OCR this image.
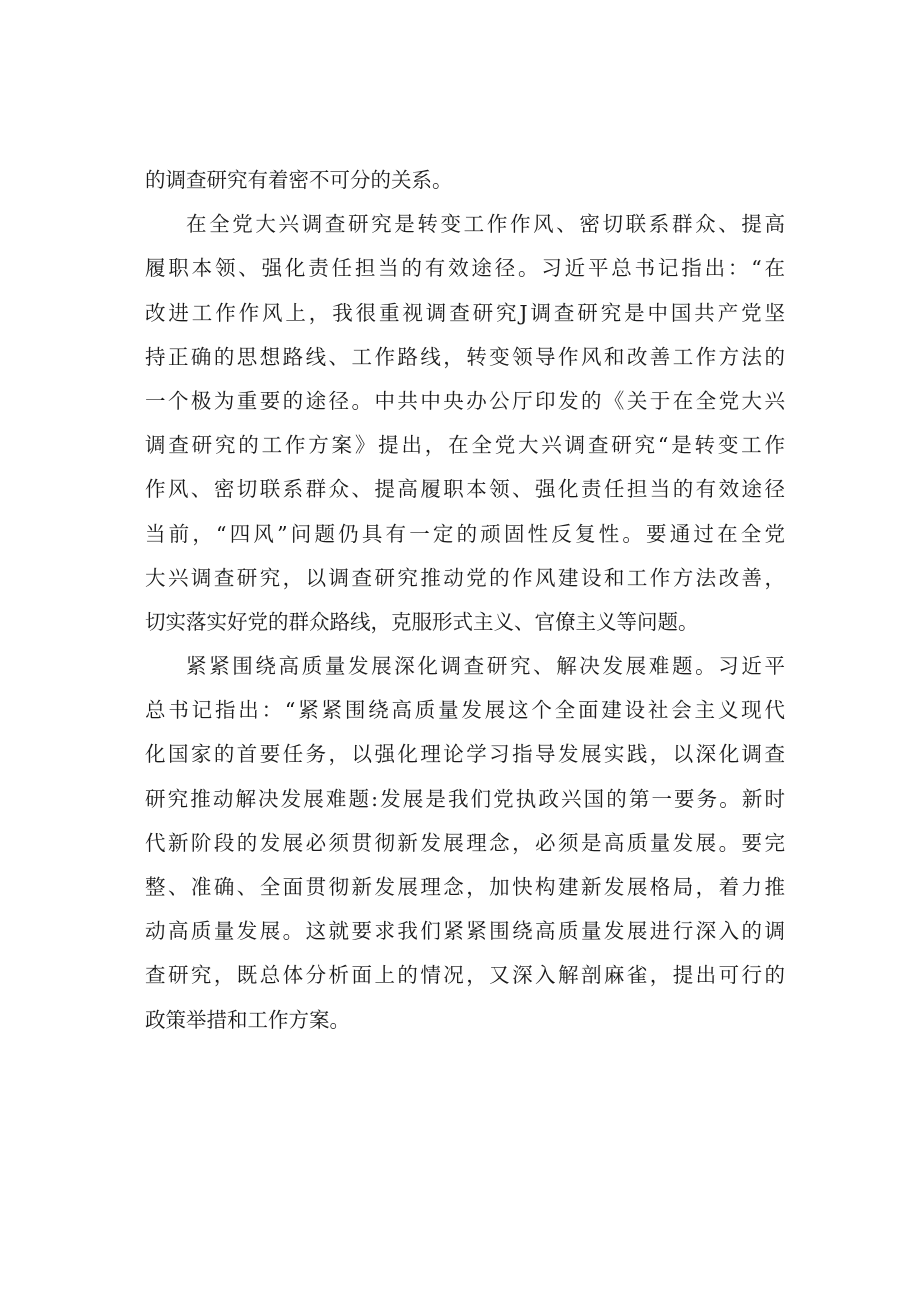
的调查研究有着密不可分的关系。
在全党大兴调查研究是转变工作作风、密切联系群众、提高
履职本领、强化责任担当的有效途径。习近平总书记指出：“在
改进工作作风上，我很重视调查研究J调查研究是中国共产党坚
持正确的思想路线、工作路线，转变领导作风和改善工作方法的
一个极为重要的途径。中共中央办公厅印发的《关于在全党大兴
调查研究的工作方案》提出，在全党大兴调查研究“是转变工作
作风、密切联系群众、提高履职本领、强化责任担当的有效途径
当前，“四风”问题仍具有一定的顽固性反复性。要通过在全党
大兴调查研究，以调查研究推动党的作风建设和工作方法改善，
切实落实好党的群众路线，克服形式主义、官僚主义等问题。
紧紧围绕高质量发展深化调查研究、解决发展难题。习近平
总书记指出：“紧紧围绕高质量发展这个全面建设社会主义现代
化国家的首要任务，以强化理论学习指导发展实践，以深化调查
研究推动解决发展难题:发展是我们党执政兴国的第一要务。新时
代新阶段的发展必须贯彻新发展理念，必须是高质量发展。要完
整、准确、全面贯彻新发展理念，加快构建新发展格局，着力推
动高质量发展。这就要求我们紧紧围绕高质量发展进行深入的调
查研究，既总体分析面上的情况，又深入解剖麻雀，提出可行的
政策举措和工作方案。
